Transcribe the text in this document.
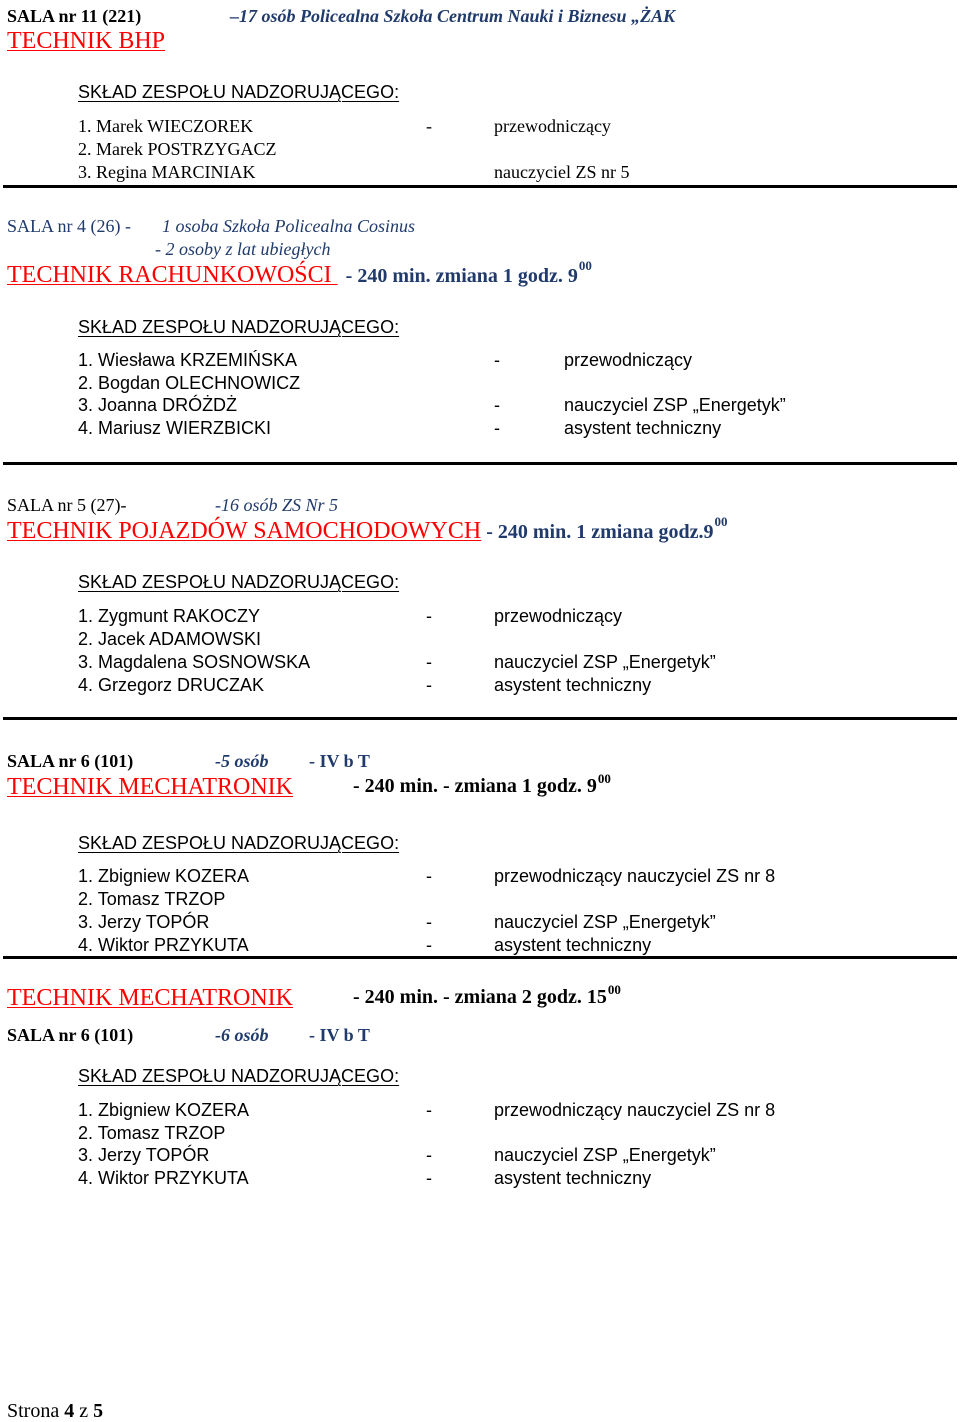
SALA nr 11 (221)	–17 osób Policealna Szkoła Centrum Nauki i Biznesu „ŻAK
TECHNIK BHP
SKŁAD ZESPOŁU NADZORUJĄCEGO:
1. Marek WIECZOREK	-	przewodniczący
2. Marek POSTRZYGACZ
3. Regina MARCINIAK	nauczyciel ZS nr 5
SALA nr 4 (26) - 1 osoba Szkoła Policealna Cosinus
- 2 osoby z lat ubiegłych
TECHNIK RACHUNKOWOŚCI - 240 min. zmiana 1 godz. $9^{00}$
SKŁAD ZESPOŁU NADZORUJĄCEGO:
1. Wiesława KRZEMIŃSKA	-	przewodniczący
2. Bogdan OLECHNOWICZ
3. Joanna DRÓŻDŻ	-	nauczyciel ZSP „Energetyk”
4. Mariusz WIERZBICKI	-	asystent techniczny
SALA nr 5 (27)-	-16 osób ZS Nr 5
TECHNIK POJAZDÓW SAMOCHODOWYCH - 240 min. 1 zmiana $godz.9^{00}$
SKŁAD ZESPOŁU NADZORUJĄCEGO:
1. Zygmunt RAKOCZY	-	przewodniczący
2. Jacek ADAMOWSKI
3. Magdalena SOSNOWSKA	-	nauczyciel ZSP „Energetyk”
4. Grzegorz DRUCZAK	-	asystent techniczny
SALA nr 6 (101)	-5 osób - IV b T
TECHNIK MECHATRONIK	- 240 min. - zmiana 1 godz. $9^{00}$
SKŁAD ZESPOŁU NADZORUJĄCEGO:
1. Zbigniew KOZERA	-	przewodniczący nauczyciel ZS nr 8
2. Tomasz TRZOP
3. Jerzy TOPÓR	-	nauczyciel ZSP „Energetyk”
4. Wiktor PRZYKUTA	-	asystent techniczny
TECHNIK MECHATRONIK	- 240 min. - zmiana 2 godz. $15^{00}$
SALA nr 6 (101)	-6 osób - IV b T
SKŁAD ZESPOŁU NADZORUJĄCEGO:
1. Zbigniew KOZERA	-	przewodniczący nauczyciel ZS nr 8
2. Tomasz TRZOP
3. Jerzy TOPÓR	-	nauczyciel ZSP „Energetyk”
4. Wiktor PRZYKUTA	-	asystent techniczny
Strona 4 z 5
